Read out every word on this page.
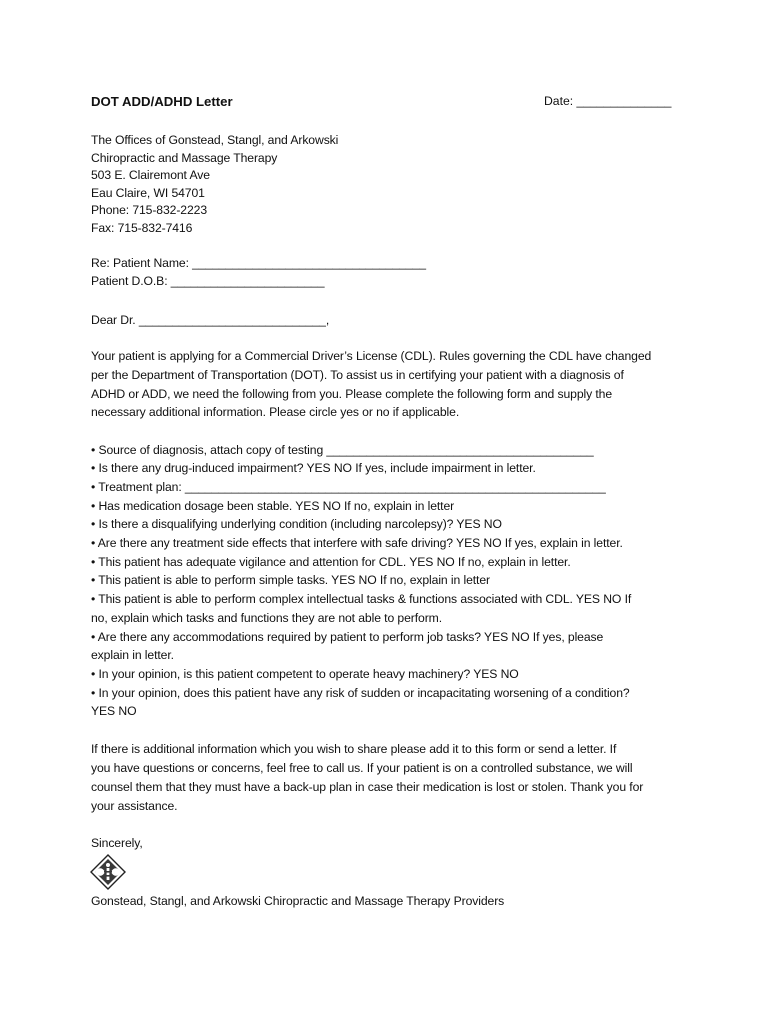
DOT ADD/ADHD Letter	Date: ______________
The Offices of Gonstead, Stangl, and Arkowski
Chiropractic and Massage Therapy
503 E. Clairemont Ave
Eau Claire, WI 54701
Phone: 715-832-2223
Fax: 715-832-7416
Re: Patient Name: ___________________________________
Patient D.O.B: _______________________
Dear Dr. ____________________________,
Your patient is applying for a Commercial Driver’s License (CDL). Rules governing the CDL have changed
per the Department of Transportation (DOT). To assist us in certifying your patient with a diagnosis of
ADHD or ADD, we need the following from you. Please complete the following form and supply the
necessary additional information. Please circle yes or no if applicable.
• Source of diagnosis, attach copy of testing ________________________________________
• Is there any drug-induced impairment? YES NO If yes, include impairment in letter.
• Treatment plan: _______________________________________________________________
• Has medication dosage been stable. YES NO If no, explain in letter
• Is there a disqualifying underlying condition (including narcolepsy)? YES NO
• Are there any treatment side effects that interfere with safe driving? YES NO If yes, explain in letter.
• This patient has adequate vigilance and attention for CDL. YES NO If no, explain in letter.
• This patient is able to perform simple tasks. YES NO If no, explain in letter
• This patient is able to perform complex intellectual tasks & functions associated with CDL. YES NO If
no, explain which tasks and functions they are not able to perform.
• Are there any accommodations required by patient to perform job tasks? YES NO If yes, please
explain in letter.
• In your opinion, is this patient competent to operate heavy machinery? YES NO
• In your opinion, does this patient have any risk of sudden or incapacitating worsening of a condition?
YES NO
If there is additional information which you wish to share please add it to this form or send a letter. If
you have questions or concerns, feel free to call us. If your patient is on a controlled substance, we will
counsel them that they must have a back-up plan in case their medication is lost or stolen. Thank you for
your assistance.
Sincerely,
Gonstead, Stangl, and Arkowski Chiropractic and Massage Therapy Providers
